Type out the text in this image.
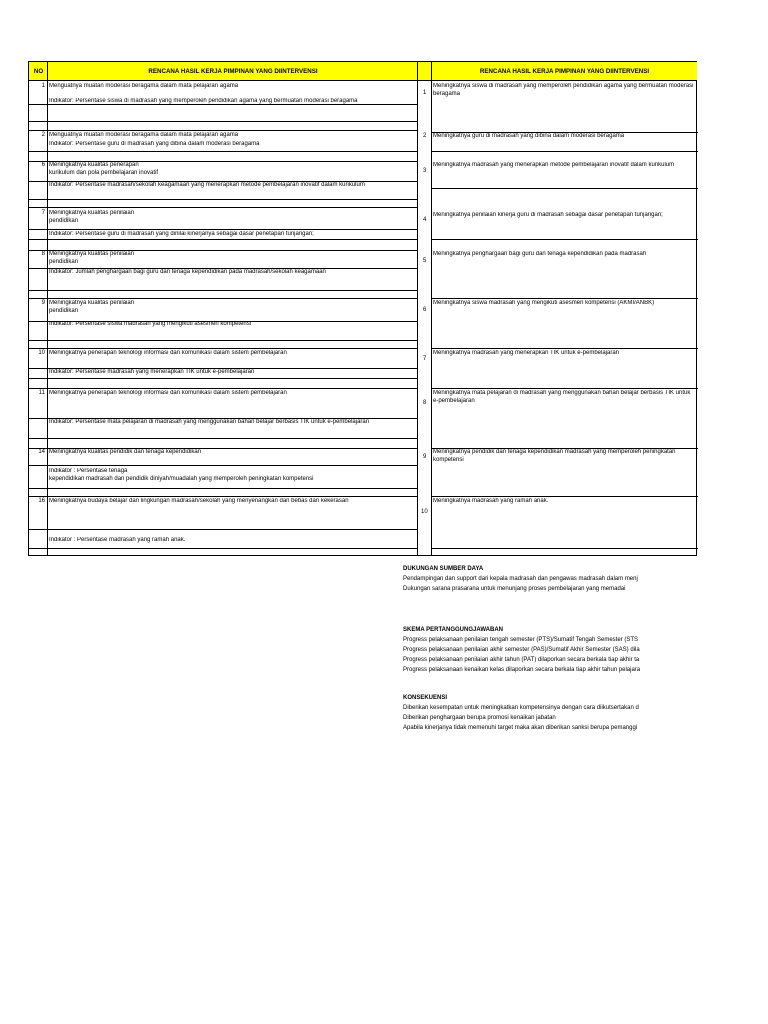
NO	RENCANA HASIL KERJA PIMPINAN YANG DIINTERVENSI	RENCANA HASIL KERJA PIMPINAN YANG DIINTERVENSI
1 Menguatnya muatan moderasi beragama dalam mata pelajaran agama
Indikator: Persentase siswa di madrasah yang memperoleh pendidikan agama yang bermuatan moderasi beragama
2 Menguatnya muatan moderasi beragama dalam mata pelajaran agama
Indikator: Persentase guru di madrasah yang dibina dalam moderasi beragama
6 Meningkatnya kualitas penerapan
kurikulum dan pola pembelajaran inovatif
Indikator: Persentase madrasah/sekolah keagamaan yang menerapkan metode pembelajaran inovatif dalam kurikulum
7 Meningkatnya kualitas penilaian
pendidikan
Indikator: Persentase guru di madrasah yang dinilai kinerjanya sebagai dasar penetapan tunjangan;
8 Meningkatnya kualitas penilaian
pendidikan
Indikator: Jumlah penghargaan bagi guru dan tenaga kependidikan pada madrasah/sekolah keagamaan
9 Meningkatnya kualitas penilaian
pendidikan
Indikator: Persentase siswa madrasah yang mengikuti asesmen kompetensi
10 Meningkatnya penerapan teknologi informasi dan komunikasi dalam sistem pembelajaran
Indikator: Persentase madrasah yang menerapkan TIK untuk e-pembelajaran
11 Meningkatnya penerapan teknologi informasi dan komunikasi dalam sistem pembelajaran
Indikator: Persentase mata pelajaran di madrasah yang menggunakan bahan belajar berbasis TIK untuk e-pembelajaran
14 Meningkatnya kualitas pendidik dan tenaga kependidikan
Indikator : Persentase tenaga
kependidikan madrasah dan pendidik diniyah/muadalah yang memperoleh peningkatan kompetensi
16 Meningkatnya budaya belajar dan lingkungan madrasah/sekolah yang menyenangkan dan bebas dari kekerasan
Indikator : Persentase madrasah yang ramah anak.
1
Meningkatnya siswa di madrasah yang memperoleh pendidikan agama yang bermuatan moderasi beragama
2 Meningkatnya guru di madrasah yang dibina dalam moderasi beragama
3
Meningkatnya madrasah yang menerapkan metode pembelajaran inovatif dalam kurikulum
4
Meningkatnya penilaian kinerja guru di madrasah sebagai dasar penetapan tunjangan;
5
Meningkatnya penghargaan bagi guru dan tenaga kependidikan pada madrasah
6
Meningkatnya siswa madrasah yang mengikuti asesmen kompetensi (AKMI/ANBK)
7
Meningkatnya madrasah yang menerapkan TIK untuk e-pembelajaran
8
Meningkatnya mata pelajaran di madrasah yang menggunakan bahan belajar berbasis TIK untuk e-pembelajaran
9
Meningkatnya pendidik dan tenaga kependidikan madrasah yang memperoleh peningkatan kompetensi
10
Meningkatnya madrasah yang ramah anak.
DUKUNGAN SUMBER DAYA
Pendampingan dan support dari kepala madrasah dan pengawas madrasah dalam menj
Dukungan sarana prasarana untuk menunjang proses pembelajaran yang memadai
SKEMA PERTANGGUNGJAWABAN
Progress pelaksanaan penilaian tengah semester (PTS)/Sumatif Tengah Semester (STS
Progress pelaksanaan penilaian akhir semester (PAS)/Sumatif Akhir Semester (SAS) dila
Progress pelaksanaan penilaian akhir tahun (PAT) dilaporkan secara berkala tiap akhir ta
Progress pelaksanaan kenaikan kelas dilaporkan secara berkala tiap akhir tahun pelajara
KONSEKUENSI
Diberikan kesempatan untuk meningkatkan kompetensinya dengan cara diikutsertakan d
Diberikan penghargaan berupa promosi kenaikan jabatan
Apabila kinerjanya tidak memenuhi target maka akan diberikan sanksi berupa pemanggi
